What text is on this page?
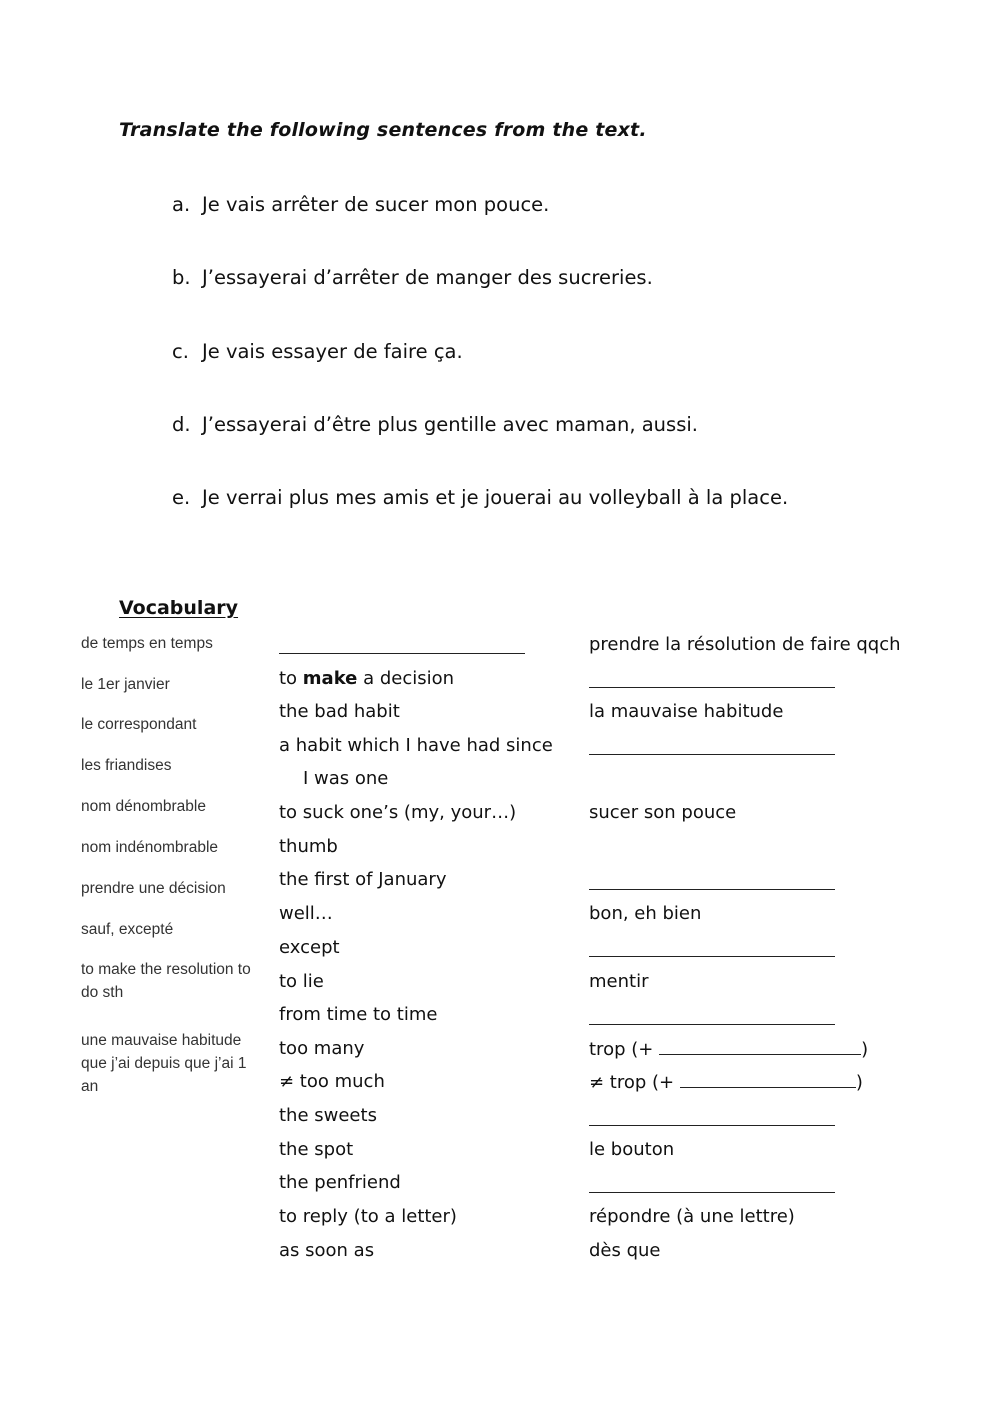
Translate the following sentences from the text.
a. Je vais arrêter de sucer mon pouce.
b. J’essayerai d’arrêter de manger des sucreries.
c. Je vais essayer de faire ça.
d. J’essayerai d’être plus gentille avec maman, aussi.
e. Je verrai plus mes amis et je jouerai au volleyball à la place.
Vocabulary
de temps en temps
le 1er janvier
le correspondant
les friandises
nom dénombrable
nom indénombrable
prendre une décision
sauf, excepté
to make the resolution to do sth
une mauvaise habitude que j’ai depuis que j’ai 1 an
to make a decision
the bad habit
a habit which I have had since
I was one
to suck one’s (my, your…)
thumb
the first of January
well…
except
to lie
from time to time
too many
≠ too much
the sweets
the spot
the penfriend
to reply (to a letter)
as soon as
prendre la résolution de faire qqch
la mauvaise habitude
sucer son pouce
bon, eh bien
mentir
trop (+	)
≠ trop (+	)
le bouton
répondre (à une lettre)
dès que
